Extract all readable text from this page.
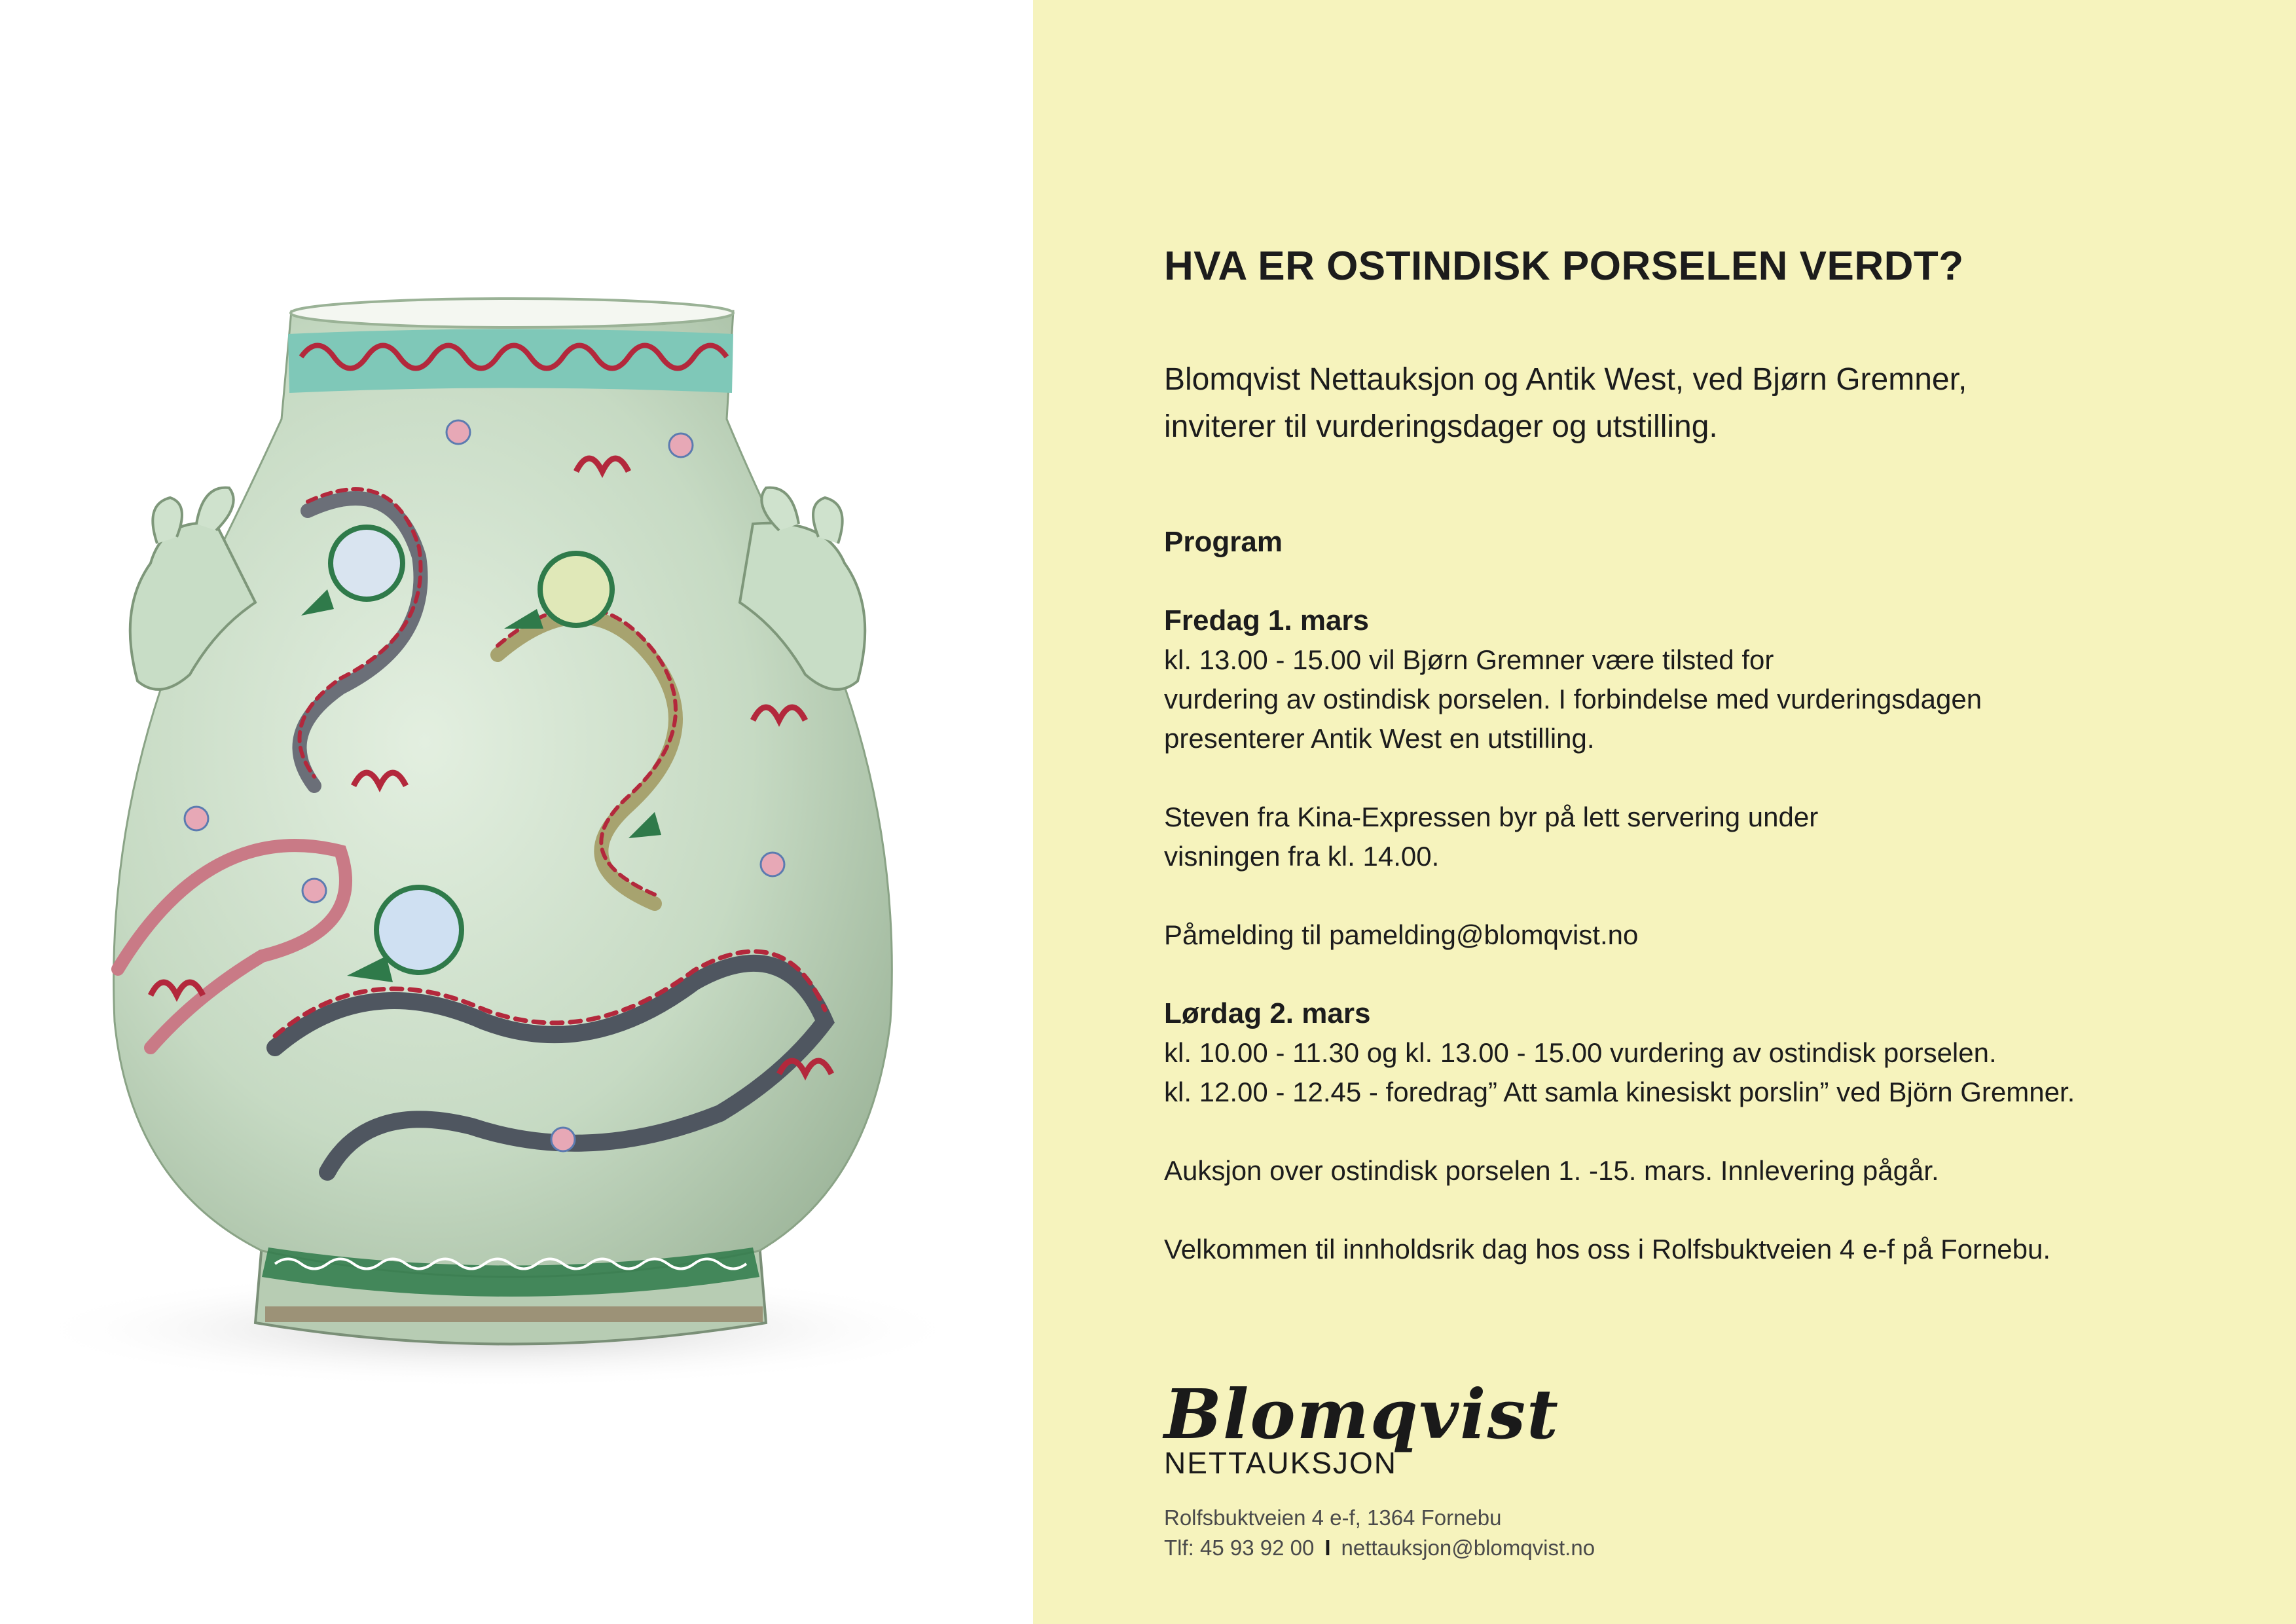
HVA ER OSTINDISK PORSELEN VERDT?
Blomqvist Nettauksjon og Antik West, ved Bjørn Gremner,
inviterer til vurderingsdager og utstilling.
Program
Fredag 1. mars
kl. 13.00 - 15.00 vil Bjørn Gremner være tilsted for
vurdering av ostindisk porselen. I forbindelse med vurderingsdagen
presenterer Antik West en utstilling.
Steven fra Kina-Expressen byr på lett servering under
visningen fra kl. 14.00.
Påmelding til pamelding@blomqvist.no
Lørdag 2. mars
kl. 10.00 - 11.30 og kl. 13.00 - 15.00 vurdering av ostindisk porselen.
kl. 12.00 - 12.45 - foredrag” Att samla kinesiskt porslin” ved Björn Gremner.
Auksjon over ostindisk porselen 1. -15. mars. Innlevering pågår.
Velkommen til innholdsrik dag hos oss i Rolfsbuktveien 4 e-f på Fornebu.
Blomqvist
NETTAUKSJON
Rolfsbuktveien 4 e-f, 1364 Fornebu
Tlf: 45 93 92 00 I nettauksjon@blomqvist.no
